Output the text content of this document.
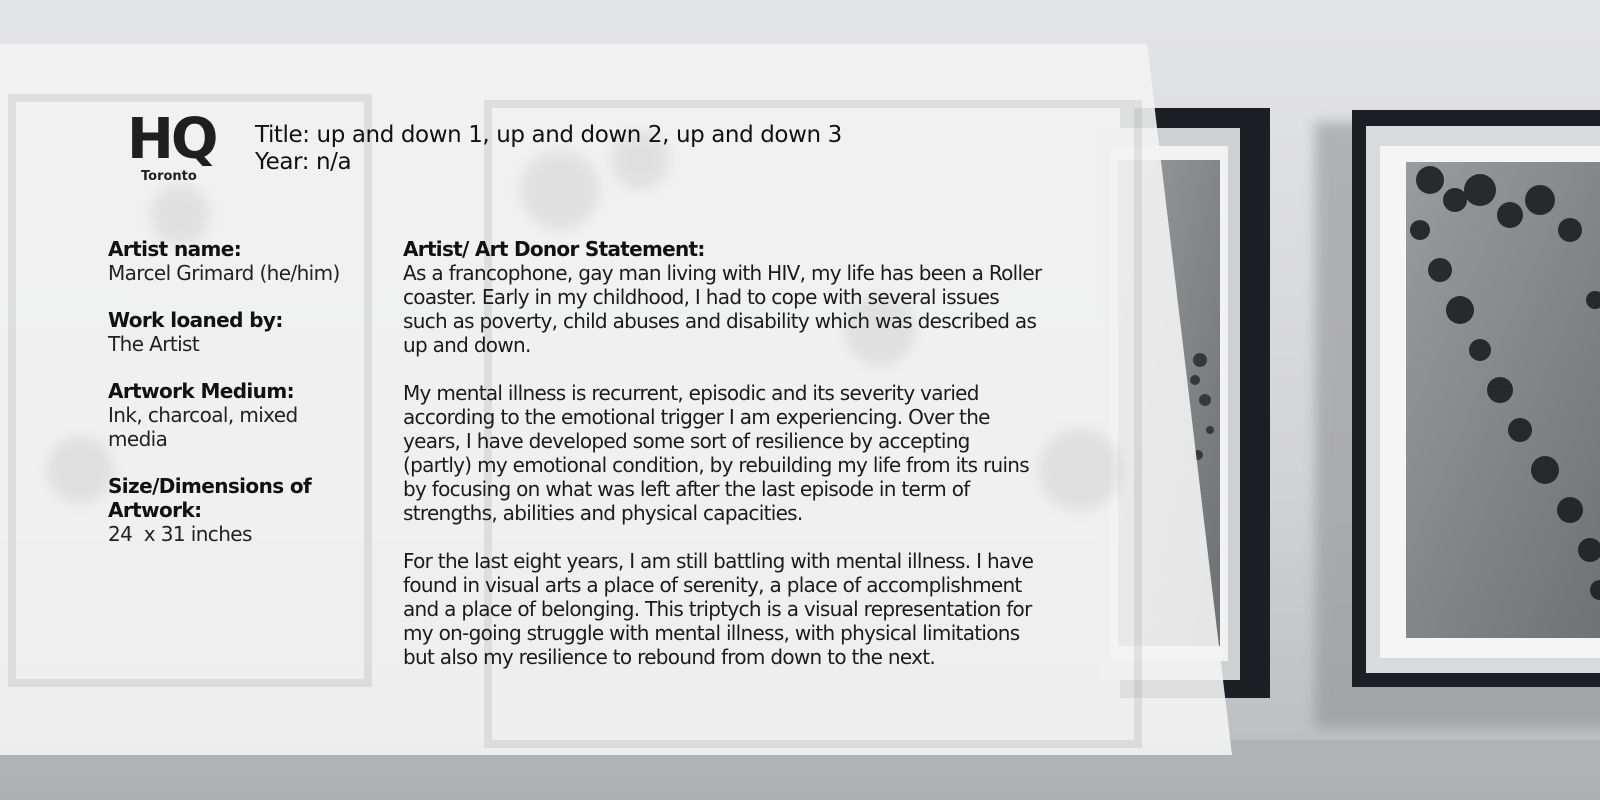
HQ
Toronto
Title: up and down 1, up and down 2, up and down 3
Year: n/a
Artist name:
Marcel Grimard (he/him)
Work loaned by:
The Artist
Artwork Medium:
Ink, charcoal, mixed media
Size/Dimensions of Artwork:
24  x 31 inches
Artist/ Art Donor Statement:

As a francophone, gay man living with HIV, my life has been a Roller coaster. Early in my childhood, I had to cope with several issues such as poverty, child abuses and disability which was described as up and down.

My mental illness is recurrent, episodic and its severity varied according to the emotional trigger I am experiencing. Over the years, I have developed some sort of resilience by accepting (partly) my emotional condition, by rebuilding my life from its ruins by focusing on what was left after the last episode in term of strengths, abilities and physical capacities.

For the last eight years, I am still battling with mental illness. I have found in visual arts a place of serenity, a place of accomplishment and a place of belonging. This triptych is a visual representation for my on-going struggle with mental illness, with physical limitations but also my resilience to rebound from down to the next.
